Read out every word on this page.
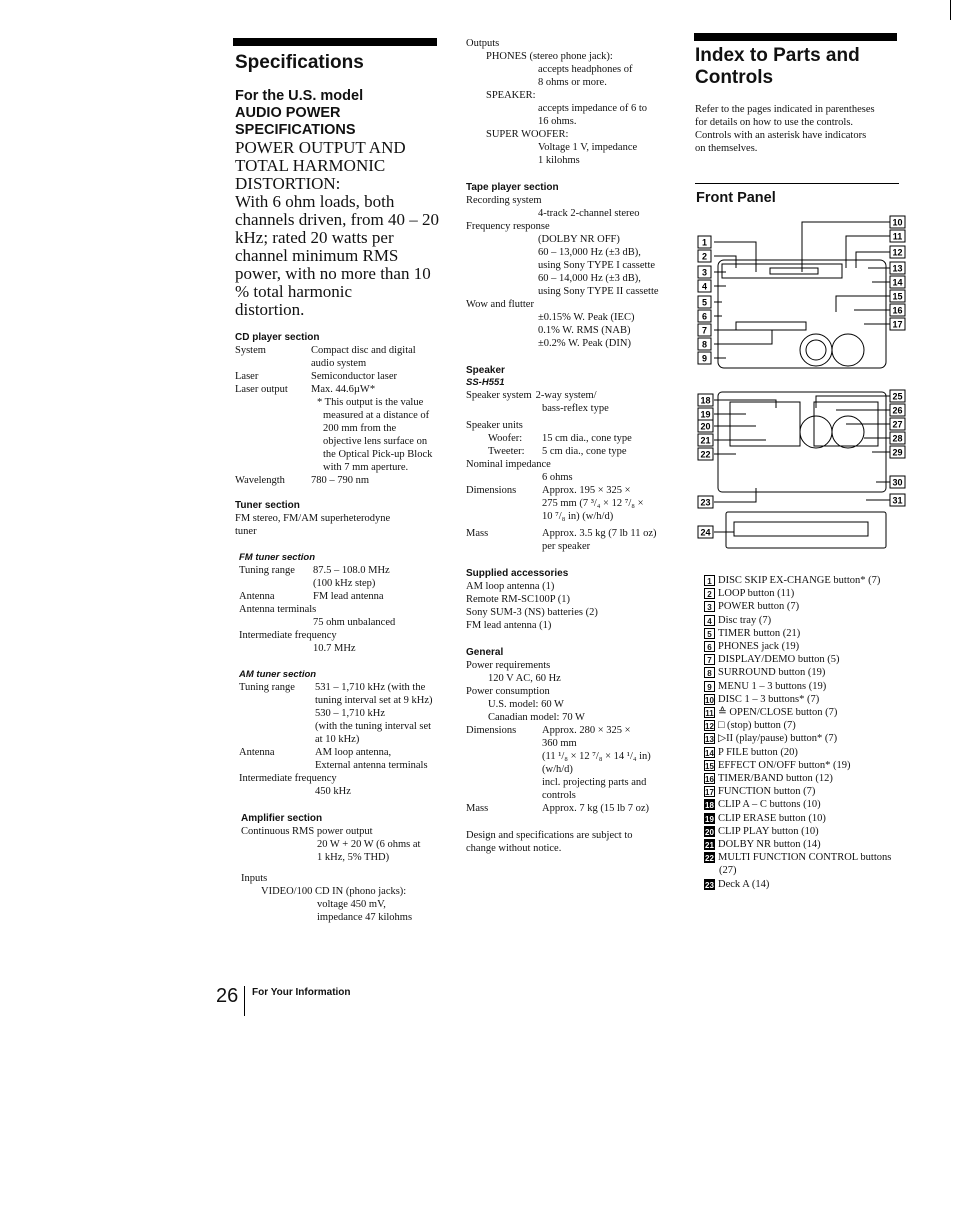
Specifications
For the U.S. model
AUDIO POWER
SPECIFICATIONS
POWER OUTPUT AND
TOTAL HARMONIC
DISTORTION:
With 6 ohm loads, both
channels driven, from 40 – 20
kHz; rated 20 watts per
channel minimum RMS
power, with no more than 10
% total harmonic
distortion.
CD player section
System	Compact disc and digital
audio system
Laser	Semiconductor laser
Laser output	Max. 44.6µW*
* This output is the value
measured at a distance of
200 mm from the
objective lens surface on
the Optical Pick-up Block
with 7 mm aperture.
Wavelength	780 – 790 nm
Tuner section
FM stereo, FM/AM superheterodyne
tuner
FM tuner section
Tuning range	87.5 – 108.0 MHz
(100 kHz step)
Antenna	FM lead antenna
Antenna terminals
75 ohm unbalanced
Intermediate frequency
10.7 MHz
AM tuner section
Tuning range	531 – 1,710 kHz (with the
tuning interval set at 9 kHz)
530 – 1,710 kHz
(with the tuning interval set
at 10 kHz)
Antenna	AM loop antenna,
External antenna terminals
Intermediate frequency
450 kHz
Amplifier section
Continuous RMS power output
20 W + 20 W (6 ohms at
1 kHz, 5% THD)
Inputs
VIDEO/100 CD IN (phono jacks):
voltage 450 mV,
impedance 47 kilohms
Outputs
PHONES (stereo phone jack):
accepts headphones of
8 ohms or more.
SPEAKER:
accepts impedance of 6 to
16 ohms.
SUPER WOOFER:
Voltage 1 V, impedance
1 kilohms
Tape player section
Recording system
4-track 2-channel stereo
Frequency response
(DOLBY NR OFF)
60 – 13,000 Hz (±3 dB),
using Sony TYPE I cassette
60 – 14,000 Hz (±3 dB),
using Sony TYPE II cassette
Wow and flutter
±0.15% W. Peak (IEC)
0.1% W. RMS (NAB)
±0.2% W. Peak (DIN)
Speaker
SS-H551
Speaker system 2-way system/
bass-reflex type
Speaker units
Woofer:	15 cm dia., cone type
Tweeter:	5 cm dia., cone type
Nominal impedance
6 ohms
Dimensions	Approx. 195 × 325 ×
275 mm (7 ³/₄ × 12 ⁷/₈ ×
10 ⁷/₈ in) (w/h/d)
Mass	Approx. 3.5 kg (7 lb 11 oz)
per speaker
Supplied accessories
AM loop antenna (1)
Remote RM-SC100P (1)
Sony SUM-3 (NS) batteries (2)
FM lead antenna (1)
General
Power requirements
120 V AC, 60 Hz
Power consumption
U.S. model: 60 W
Canadian model: 70 W
Dimensions	Approx. 280 × 325 ×
360 mm
(11 ¹/₈ × 12 ⁷/₈ × 14 ¹/₄ in)
(w/h/d)
incl. projecting parts and
controls
Mass	Approx. 7 kg (15 lb 7 oz)
Design and specifications are subject to
change without notice.
Index to Parts and
Controls
Refer to the pages indicated in parentheses
for details on how to use the controls.
Controls with an asterisk have indicators
on themselves.
Front Panel
1
2
3
4
5
6
7
8
9
10
11
12
13
14
15
16
17
18
19
20
21
22
23
24
25
26
27
28
29
30
31
1 DISC SKIP EX-CHANGE button* (7)
2 LOOP button (11)
3 POWER button (7)
4 Disc tray (7)
5 TIMER button (21)
6 PHONES jack (19)
7 DISPLAY/DEMO button (5)
8 SURROUND button (19)
9 MENU 1 – 3 buttons (19)
10 DISC 1 – 3 buttons* (7)
11 ≙ OPEN/CLOSE button (7)
12 □ (stop) button (7)
13 ▷II (play/pause) button* (7)
14 P FILE button (20)
15 EFFECT ON/OFF button* (19)
16 TIMER/BAND button (12)
17 FUNCTION button (7)
18 CLIP A – C buttons (10)
19 CLIP ERASE button (10)
20 CLIP PLAY button (10)
21 DOLBY NR button (14)
22 MULTI FUNCTION CONTROL buttons
(27)
23 Deck A (14)
26 For Your Information
